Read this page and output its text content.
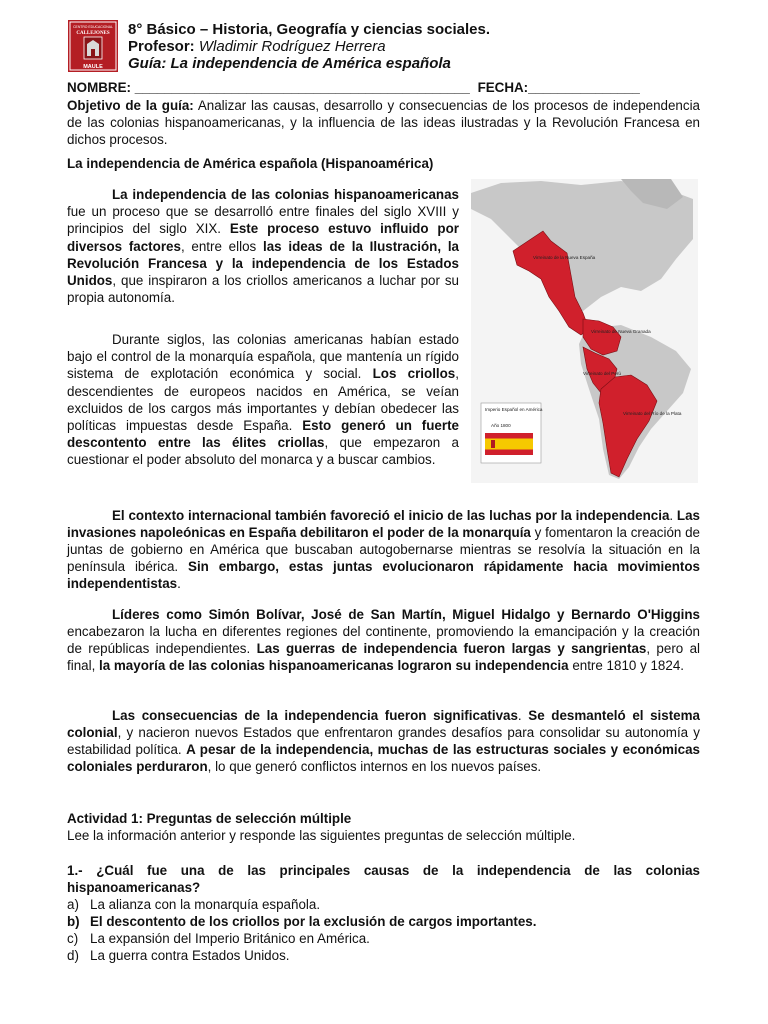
CENTRO EDUCACIONAL
CALLEJONES
MAULE
8° Básico – Historia, Geografía y ciencias sociales.
Profesor: Wladimir Rodríguez Herrera
Guía: La independencia de América española
NOMBRE: _____________________________________________ FECHA:_______________

Objetivo de la guía: Analizar las causas, desarrollo y consecuencias de los procesos de independencia de las colonias hispanoamericanas, y la influencia de las ideas ilustradas y la Revolución Francesa en dichos procesos.

La independencia de América española (Hispanoamérica)

La independencia de las colonias hispanoamericanas fue un proceso que se desarrolló entre finales del siglo XVIII y principios del siglo XIX. Este proceso estuvo influido por diversos factores, entre ellos las ideas de la Ilustración, la Revolución Francesa y la independencia de los Estados Unidos, que inspiraron a los criollos americanos a luchar por su propia autonomía.

Durante siglos, las colonias americanas habían estado bajo el control de la monarquía española, que mantenía un rígido sistema de explotación económica y social. Los criollos, descendientes de europeos nacidos en América, se veían excluidos de los cargos más importantes y debían obedecer las políticas impuestas desde España. Esto generó un fuerte descontento entre las élites criollas, que empezaron a cuestionar el poder absoluto del monarca y a buscar cambios.

Virreinato de la Nueva España
Virreinato de Nueva Granada
Virreinato del Perú
Virreinato del Río de la Plata
Imperio Español en América
Año 1800

El contexto internacional también favoreció el inicio de las luchas por la independencia. Las invasiones napoleónicas en España debilitaron el poder de la monarquía y fomentaron la creación de juntas de gobierno en América que buscaban autogobernarse mientras se resolvía la situación en la península ibérica. Sin embargo, estas juntas evolucionaron rápidamente hacia movimientos independentistas.

Líderes como Simón Bolívar, José de San Martín, Miguel Hidalgo y Bernardo O'Higgins encabezaron la lucha en diferentes regiones del continente, promoviendo la emancipación y la creación de repúblicas independientes. Las guerras de independencia fueron largas y sangrientas, pero al final, la mayoría de las colonias hispanoamericanas lograron su independencia entre 1810 y 1824.

Las consecuencias de la independencia fueron significativas. Se desmanteló el sistema colonial, y nacieron nuevos Estados que enfrentaron grandes desafíos para consolidar su autonomía y estabilidad política. A pesar de la independencia, muchas de las estructuras sociales y económicas coloniales perduraron, lo que generó conflictos internos en los nuevos países.

Actividad 1: Preguntas de selección múltiple

Lee la información anterior y responde las siguientes preguntas de selección múltiple.

1.- ¿Cuál fue una de las principales causas de la independencia de las colonias hispanoamericanas?

a) La alianza con la monarquía española.
b) El descontento de los criollos por la exclusión de cargos importantes.
c) La expansión del Imperio Británico en América.
d) La guerra contra Estados Unidos.
